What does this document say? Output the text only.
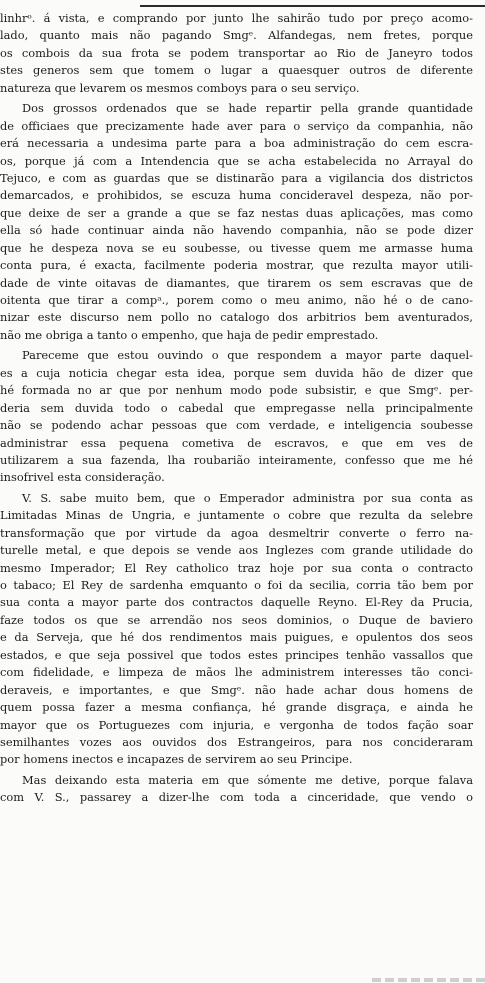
linhrᵒ. á vista, e comprando por junto lhe sahirão tudo por preço acomo-
lado, quanto mais não pagando Smgᵉ. Alfandegas, nem fretes, porque
os combois da sua frota se podem transportar ao Rio de Janeyro todos
stes generos sem que tomem o lugar a quaesquer outros de diferente
natureza que levarem os mesmos comboys para o seu serviço.
Dos grossos ordenados que se hade repartir pella grande quantidade
de officiaes que precizamente hade aver para o serviço da companhia, não
erá necessaria a undesima parte para a boa administração do cem escra-
os, porque já com a Intendencia que se acha estabelecida no Arrayal do
Tejuco, e com as guardas que se distinarão para a vigilancia dos districtos
demarcados, e prohibidos, se escuza huma concideravel despeza, não por-
que deixe de ser a grande a que se faz nestas duas aplicações, mas como
ella só hade continuar ainda não havendo companhia, não se pode dizer
que he despeza nova se eu soubesse, ou tivesse quem me armasse huma
conta pura, é exacta, facilmente poderia mostrar, que rezulta mayor utili-
dade de vinte oitavas de diamantes, que tirarem os sem escravas que de
oitenta que tirar a compᵃ., porem como o meu animo, não hé o de cano-
nizar este discurso nem pollo no catalogo dos arbitrios bem aventurados,
não me obriga a tanto o empenho, que haja de pedir emprestado.
Pareceme que estou ouvindo o que respondem a mayor parte daquel-
es a cuja noticia chegar esta idea, porque sem duvida hão de dizer que
hé formada no ar que por nenhum modo pode subsistir, e que Smgᵉ. per-
deria sem duvida todo o cabedal que empregasse nella principalmente
não se podendo achar pessoas que com verdade, e inteligencia soubesse
administrar essa pequena cometiva de escravos, e que em ves de
utilizarem a sua fazenda, lha roubarião inteiramente, confesso que me hé
insofrivel esta consideração.
V. S. sabe muito bem, que o Emperador administra por sua conta as
Limitadas Minas de Ungria, e juntamente o cobre que rezulta da selebre
transformação que por virtude da agoa desmeltrir converte o ferro na-
turelle metal, e que depois se vende aos Inglezes com grande utilidade do
mesmo Imperador; El Rey catholico traz hoje por sua conta o contracto
o tabaco; El Rey de sardenha emquanto o foi da secilia, corria tão bem por
sua conta a mayor parte dos contractos daquelle Reyno. El-Rey da Prucia,
faze todos os que se arrendão nos seos dominios, o Duque de baviero
e da Serveja, que hé dos rendimentos mais puigues, e opulentos dos seos
estados, e que seja possivel que todos estes principes tenhão vassallos que
com fidelidade, e limpeza de mãos lhe administrem interesses tão conci-
deraveis, e importantes, e que Smgᵉ. não hade achar dous homens de
quem possa fazer a mesma confiança, hé grande disgraça, e ainda he
mayor que os Portuguezes com injuria, e vergonha de todos fação soar
semilhantes vozes aos ouvidos dos Estrangeiros, para nos concideraram
por homens inectos e incapazes de servirem ao seu Principe.
Mas deixando esta materia em que sómente me detive, porque falava
com V. S., passarey a dizer-lhe com toda a cinceridade, que vendo o
